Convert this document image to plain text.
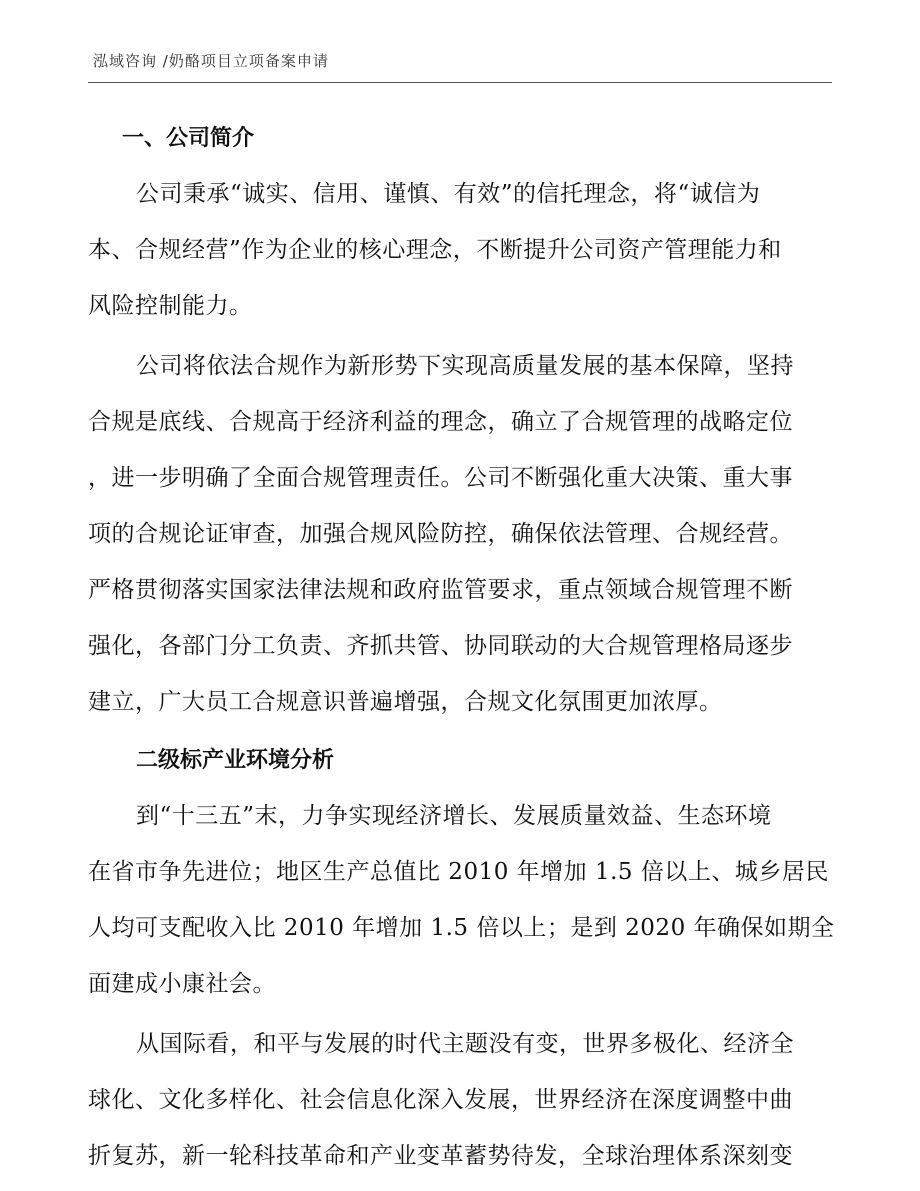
泓域咨询 /奶酪项目立项备案申请
一、公司简介

公司秉承“诚实、信用、谨慎、有效”的信托理念，将“诚信为
本、合规经营”作为企业的核心理念，不断提升公司资产管理能力和
风险控制能力。

公司将依法合规作为新形势下实现高质量发展的基本保障，坚持
合规是底线、合规高于经济利益的理念，确立了合规管理的战略定位
，进一步明确了全面合规管理责任。公司不断强化重大决策、重大事
项的合规论证审查，加强合规风险防控，确保依法管理、合规经营。
严格贯彻落实国家法律法规和政府监管要求，重点领域合规管理不断
强化，各部门分工负责、齐抓共管、协同联动的大合规管理格局逐步
建立，广大员工合规意识普遍增强，合规文化氛围更加浓厚。

二级标产业环境分析

到“十三五”末，力争实现经济增长、发展质量效益、生态环境
在省市争先进位；地区生产总值比 2010 年增加 1.5 倍以上、城乡居民
人均可支配收入比 2010 年增加 1.5 倍以上；是到 2020 年确保如期全
面建成小康社会。

从国际看，和平与发展的时代主题没有变，世界多极化、经济全
球化、文化多样化、社会信息化深入发展，世界经济在深度调整中曲
折复苏，新一轮科技革命和产业变革蓄势待发，全球治理体系深刻变
